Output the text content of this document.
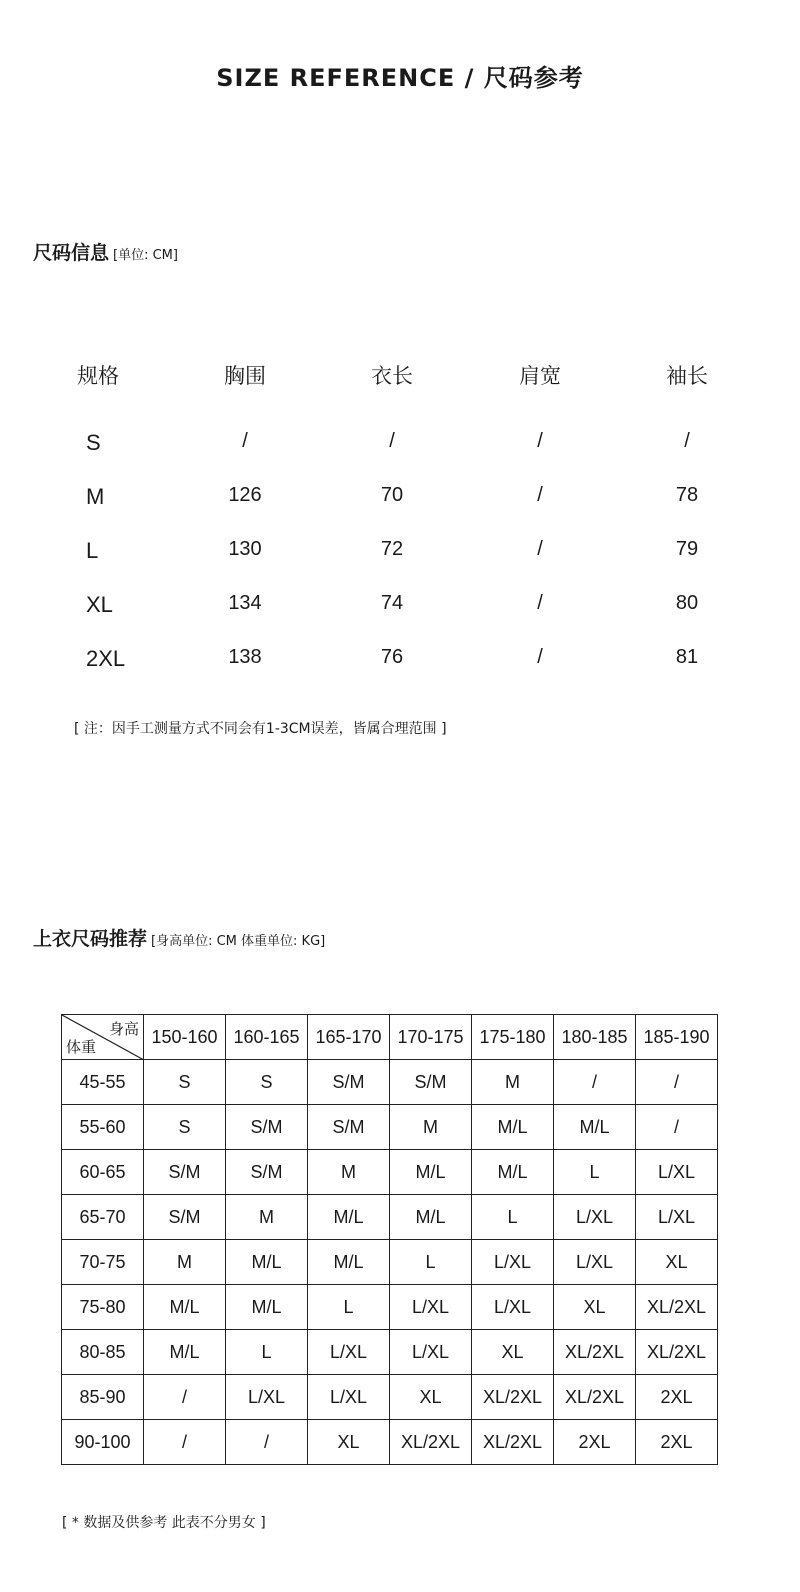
SIZE REFERENCE / 尺码参考
尺码信息 [单位: CM]
规格	胸围	衣长	肩宽	袖长
S	/	/	/	/
M	126	70	/	78
L	130	72	/	79
XL	134	74	/	80
2XL	138	76	/	81
[ 注：因手工测量方式不同会有1-3CM误差，皆属合理范围 ]
上衣尺码推荐 [身高单位: CM 体重单位: KG]
身高
体重	150-160	160-165	165-170	170-175	175-180	180-185	185-190
45-55	S	S	S/M	S/M	M	/	/
55-60	S	S/M	S/M	M	M/L	M/L	/
60-65	S/M	S/M	M	M/L	M/L	L	L/XL
65-70	S/M	M	M/L	M/L	L	L/XL	L/XL
70-75	M	M/L	M/L	L	L/XL	L/XL	XL
75-80	M/L	M/L	L	L/XL	L/XL	XL	XL/2XL
80-85	M/L	L	L/XL	L/XL	XL	XL/2XL	XL/2XL
85-90	/	L/XL	L/XL	XL	XL/2XL	XL/2XL	2XL
90-100	/	/	XL	XL/2XL	XL/2XL	2XL	2XL
[ * 数据及供参考 此表不分男女 ]
